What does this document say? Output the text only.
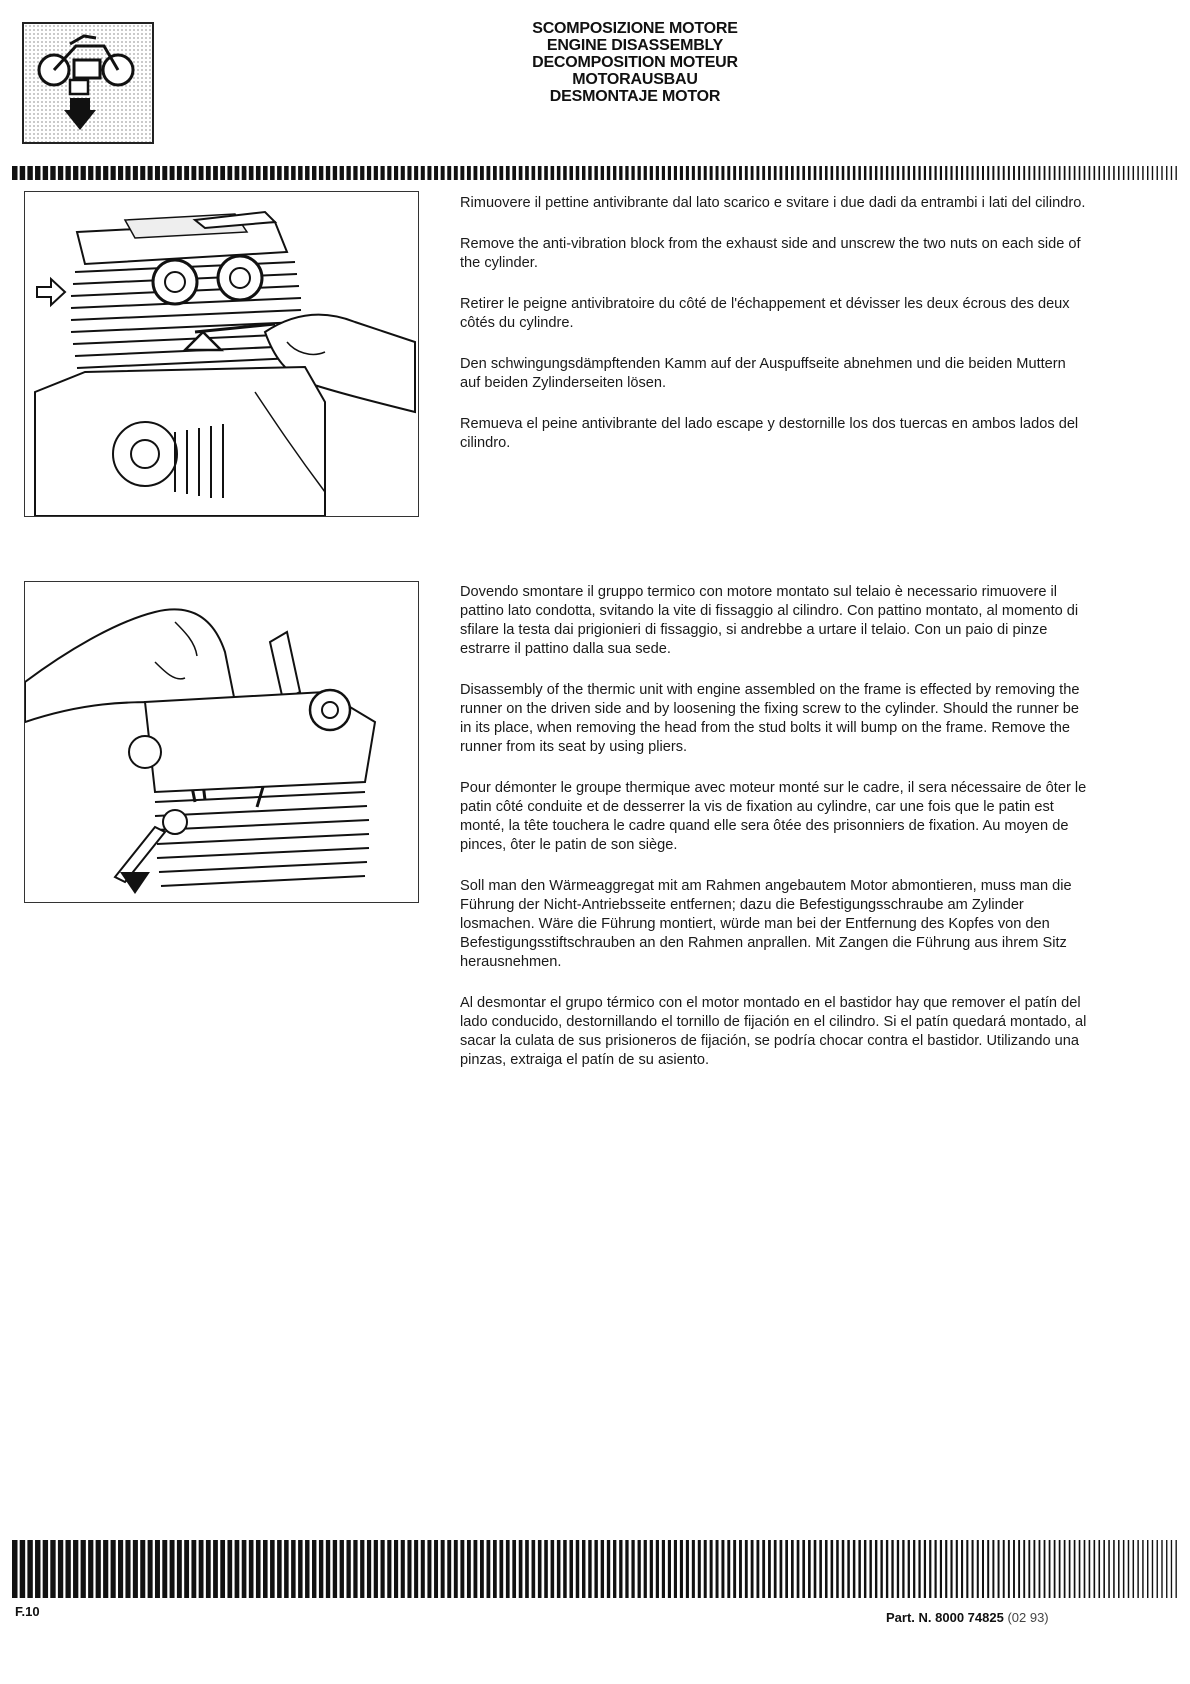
SCOMPOSIZIONE MOTORE
ENGINE DISASSEMBLY
DECOMPOSITION MOTEUR
MOTORAUSBAU
DESMONTAJE MOTOR

Rimuovere il pettine antivibrante dal lato scarico e svitare i due dadi da entrambi i lati del cilindro.

Remove the anti-vibration block from the exhaust side and unscrew the two nuts on each side of the cylinder.

Retirer le peigne antivibratoire du côté de l'échappement et dévisser les deux écrous des deux côtés du cylindre.

Den schwingungsdämpftenden Kamm auf der Auspuffseite abnehmen und die beiden Muttern auf beiden Zylinderseiten lösen.

Remueva el peine antivibrante del lado escape y destornille los dos tuercas en ambos lados del cilindro.

Dovendo smontare il gruppo termico con motore montato sul telaio è necessario rimuovere il pattino lato condotta, svitando la vite di fissaggio al cilindro. Con pattino montato, al momento di sfilare la testa dai prigionieri di fissaggio, si andrebbe a urtare il telaio. Con un paio di pinze estrarre il pattino dalla sua sede.

Disassembly of the thermic unit with engine assembled on the frame is effected by removing the runner on the driven side and by loosening the fixing screw to the cylinder. Should the runner be in its place, when removing the head from the stud bolts it will bump on the frame. Remove the runner from its seat by using pliers.

Pour démonter le groupe thermique avec moteur monté sur le cadre, il sera nécessaire de ôter le patin côté conduite et de desserrer la vis de fixation au cylindre, car une fois que le patin est monté, la tête touchera le cadre quand elle sera ôtée des prisonniers de fixation. Au moyen de pinces, ôter le patin de son siège.

Soll man den Wärmeaggregat mit am Rahmen angebautem Motor abmontieren, muss man die Führung der Nicht-Antriebsseite entfernen; dazu die Befestigungsschraube am Zylinder losmachen. Wäre die Führung montiert, würde man bei der Entfernung des Kopfes von den Befestigungsstiftschrauben an den Rahmen anprallen. Mit Zangen die Führung aus ihrem Sitz herausnehmen.

Al desmontar el grupo térmico con el motor montado en el bastidor hay que remover el patín del lado conducido, destornillando el tornillo de fijación en el cilindro. Si el patín quedará montado, al sacar la culata de sus prisioneros de fijación, se podría chocar contra el bastidor. Utilizando una pinzas, extraiga el patín de su asiento.

F.10	Part. N. 8000 74825 (02 93)
